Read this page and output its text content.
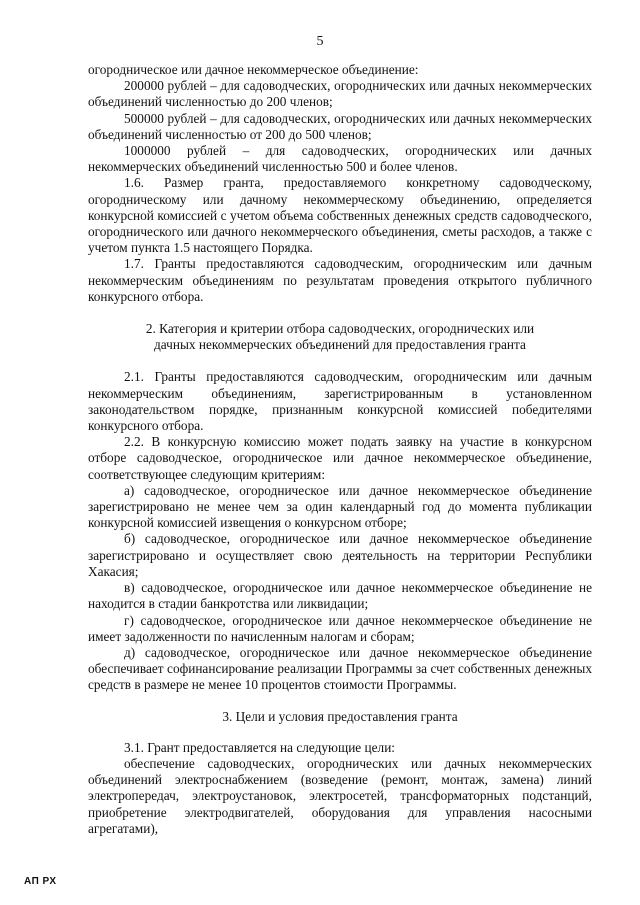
5

огородническое или дачное некоммерческое объединение:

200000 рублей – для садоводческих, огороднических или дачных некоммерческих объединений численностью до 200 членов;

500000 рублей – для садоводческих, огороднических или дачных некоммерческих объединений численностью от 200 до 500 членов;

1000000 рублей – для садоводческих, огороднических или дачных некоммерческих объединений численностью 500 и более членов.

1.6. Размер гранта, предоставляемого конкретному садоводческому, огородническому или дачному некоммерческому объединению, определяется конкурсной комиссией с учетом объема собственных денежных средств садоводческого, огороднического или дачного некоммерческого объединения, сметы расходов, а также с учетом пункта 1.5 настоящего Порядка.

1.7. Гранты предоставляются садоводческим, огородническим или дачным некоммерческим объединениям по результатам проведения открытого публичного конкурсного отбора.

2. Категория и критерии отбора садоводческих, огороднических или дачных некоммерческих объединений для предоставления гранта

2.1. Гранты предоставляются садоводческим, огородническим или дачным некоммерческим объединениям, зарегистрированным в установленном законодательством порядке, признанным конкурсной комиссией победителями конкурсного отбора.

2.2. В конкурсную комиссию может подать заявку на участие в конкурсном отборе садоводческое, огородническое или дачное некоммерческое объединение, соответствующее следующим критериям:

а) садоводческое, огородническое или дачное некоммерческое объединение зарегистрировано не менее чем за один календарный год до момента публикации конкурсной комиссией извещения о конкурсном отборе;

б) садоводческое, огородническое или дачное некоммерческое объединение зарегистрировано и осуществляет свою деятельность на территории Республики Хакасия;

в) садоводческое, огородническое или дачное некоммерческое объединение не находится в стадии банкротства или ликвидации;

г) садоводческое, огородническое или дачное некоммерческое объединение не имеет задолженности по начисленным налогам и сборам;

д) садоводческое, огородническое или дачное некоммерческое объединение обеспечивает софинансирование реализации Программы за счет собственных денежных средств в размере не менее 10 процентов стоимости Программы.

3. Цели и условия предоставления гранта

3.1. Грант предоставляется на следующие цели:

обеспечение садоводческих, огороднических или дачных некоммерческих объединений электроснабжением (возведение (ремонт, монтаж, замена) линий электропередач, электроустановок, электросетей, трансформаторных подстанций, приобретение электродвигателей, оборудования для управления насосными агрегатами),

АП РХ
